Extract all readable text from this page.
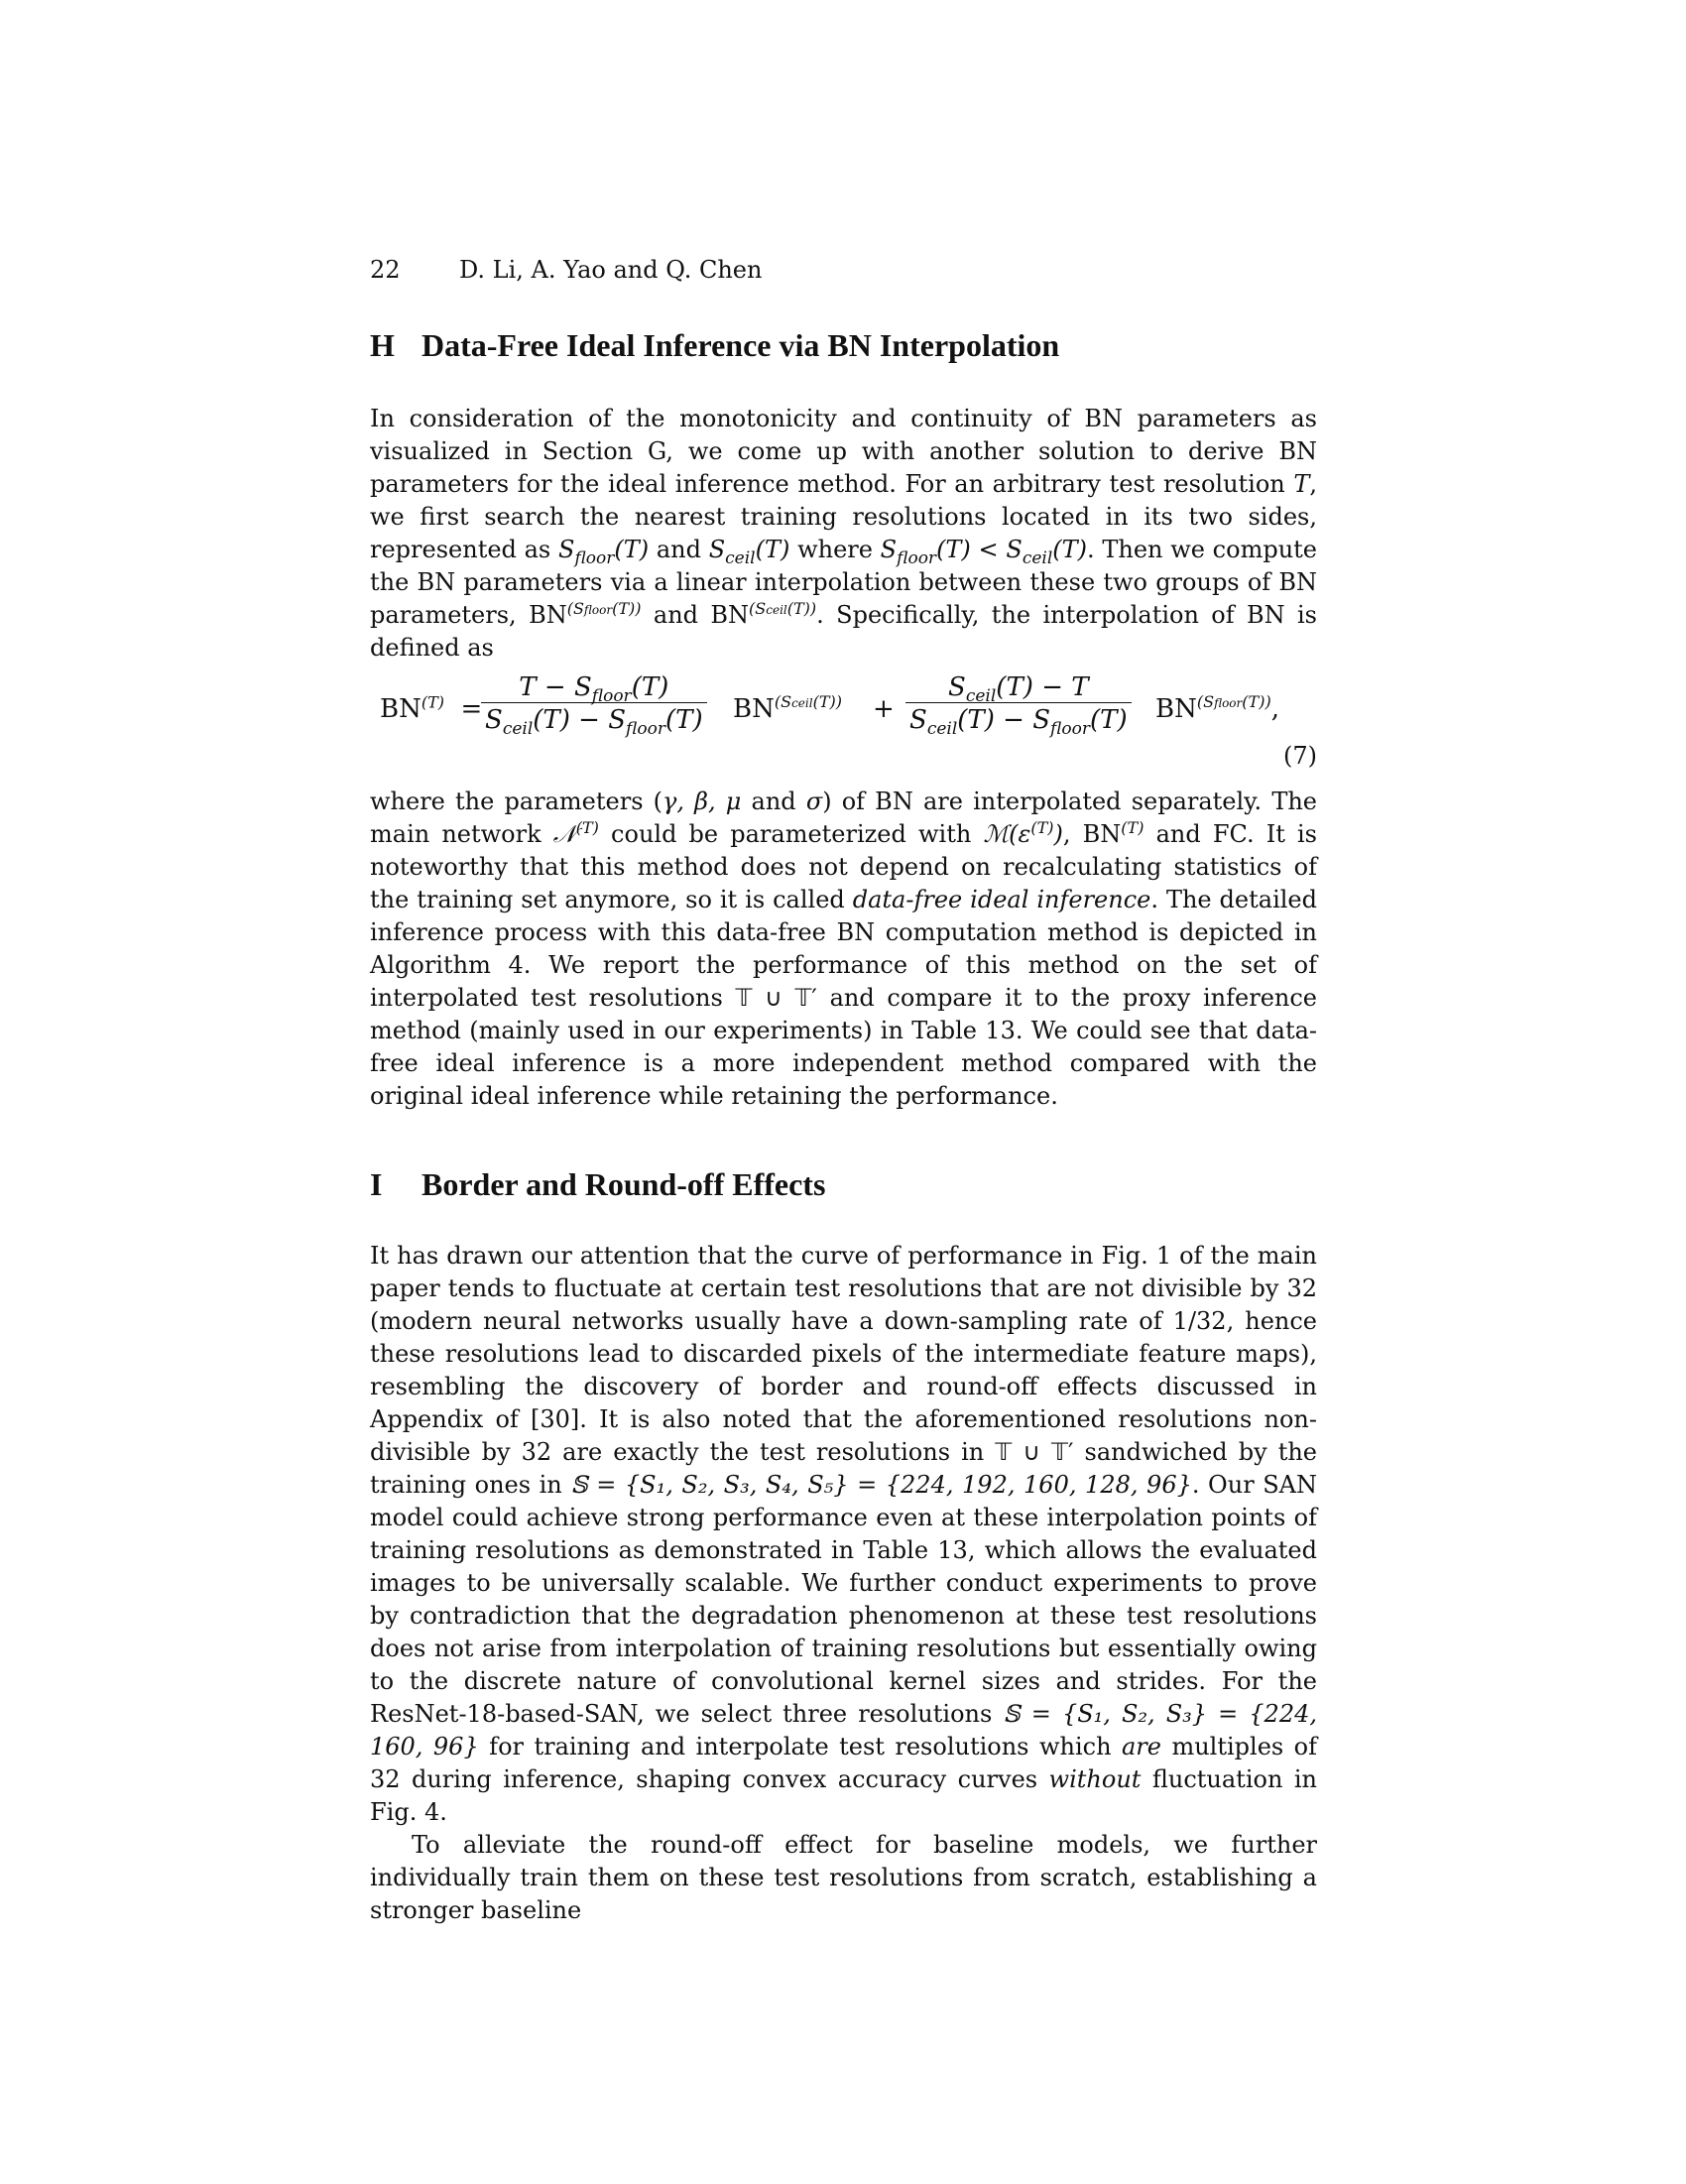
22 D. Li, A. Yao and Q. Chen
H Data-Free Ideal Inference via BN Interpolation

In consideration of the monotonicity and continuity of BN parameters as visualized in Section G, we come up with another solution to derive BN parameters for the ideal inference method. For an arbitrary test resolution T, we first search the nearest training resolutions located in its two sides, represented as $S_{floor}(T)$ and $S_{ceil}(T)$ where $S_{floor}(T) < S_{ceil}(T)$. Then we compute the BN parameters via a linear interpolation between these two groups of BN parameters, $BN^{(Sfloor(T))}$ and $BN^{(Sceil(T))}$. Specifically, the interpolation of BN is defined as

$BN^{(T)}$ =
$T - S_{floor}(T)$
$S_{ceil}(T) - S_{floor}(T) BN^{(Sceil(T))}$ +
$S_{ceil}(T) - T$
$S_{ceil}(T) - S_{floor}(T)$ $BN^{(Sfloor(T))}$,
(7)

where the parameters (γ, β, μ and σ) of BN are interpolated separately. The main network 𝒩$^{(T)}$ could be parameterized with $ℳ(\varepsilon^{(T)})$, $BN^{(T)}$ and FC. It is noteworthy that this method does not depend on recalculating statistics of the training set anymore, so it is called data-free ideal inference. The detailed inference process with this data-free BN computation method is depicted in Algorithm 4. We report the performance of this method on the set of interpolated test resolutions 𝕋 ∪ 𝕋′ and compare it to the proxy inference method (mainly used in our experiments) in Table 13. We could see that data-free ideal inference is a more independent method compared with the original ideal inference while retaining the performance.

I Border and Round-off Effects

It has drawn our attention that the curve of performance in Fig. 1 of the main paper tends to fluctuate at certain test resolutions that are not divisible by 32 (modern neural networks usually have a down-sampling rate of 1/32, hence these resolutions lead to discarded pixels of the intermediate feature maps), resembling the discovery of border and round-off effects discussed in Appendix of [30]. It is also noted that the aforementioned resolutions non-divisible by 32 are exactly the test resolutions in 𝕋 ∪ 𝕋′ sandwiched by the training ones in 𝕊 = {S₁, S₂, S₃, S₄, S₅} = {224, 192, 160, 128, 96}. Our SAN model could achieve strong performance even at these interpolation points of training resolutions as demonstrated in Table 13, which allows the evaluated images to be universally scalable. We further conduct experiments to prove by contradiction that the degradation phenomenon at these test resolutions does not arise from interpolation of training resolutions but essentially owing to the discrete nature of convolutional kernel sizes and strides. For the ResNet-18-based-SAN, we select three resolutions 𝕊 = {S₁, S₂, S₃} = {224, 160, 96} for training and interpolate test resolutions which are multiples of 32 during inference, shaping convex accuracy curves without fluctuation in Fig. 4.

To alleviate the round-off effect for baseline models, we further individually train them on these test resolutions from scratch, establishing a stronger baseline
